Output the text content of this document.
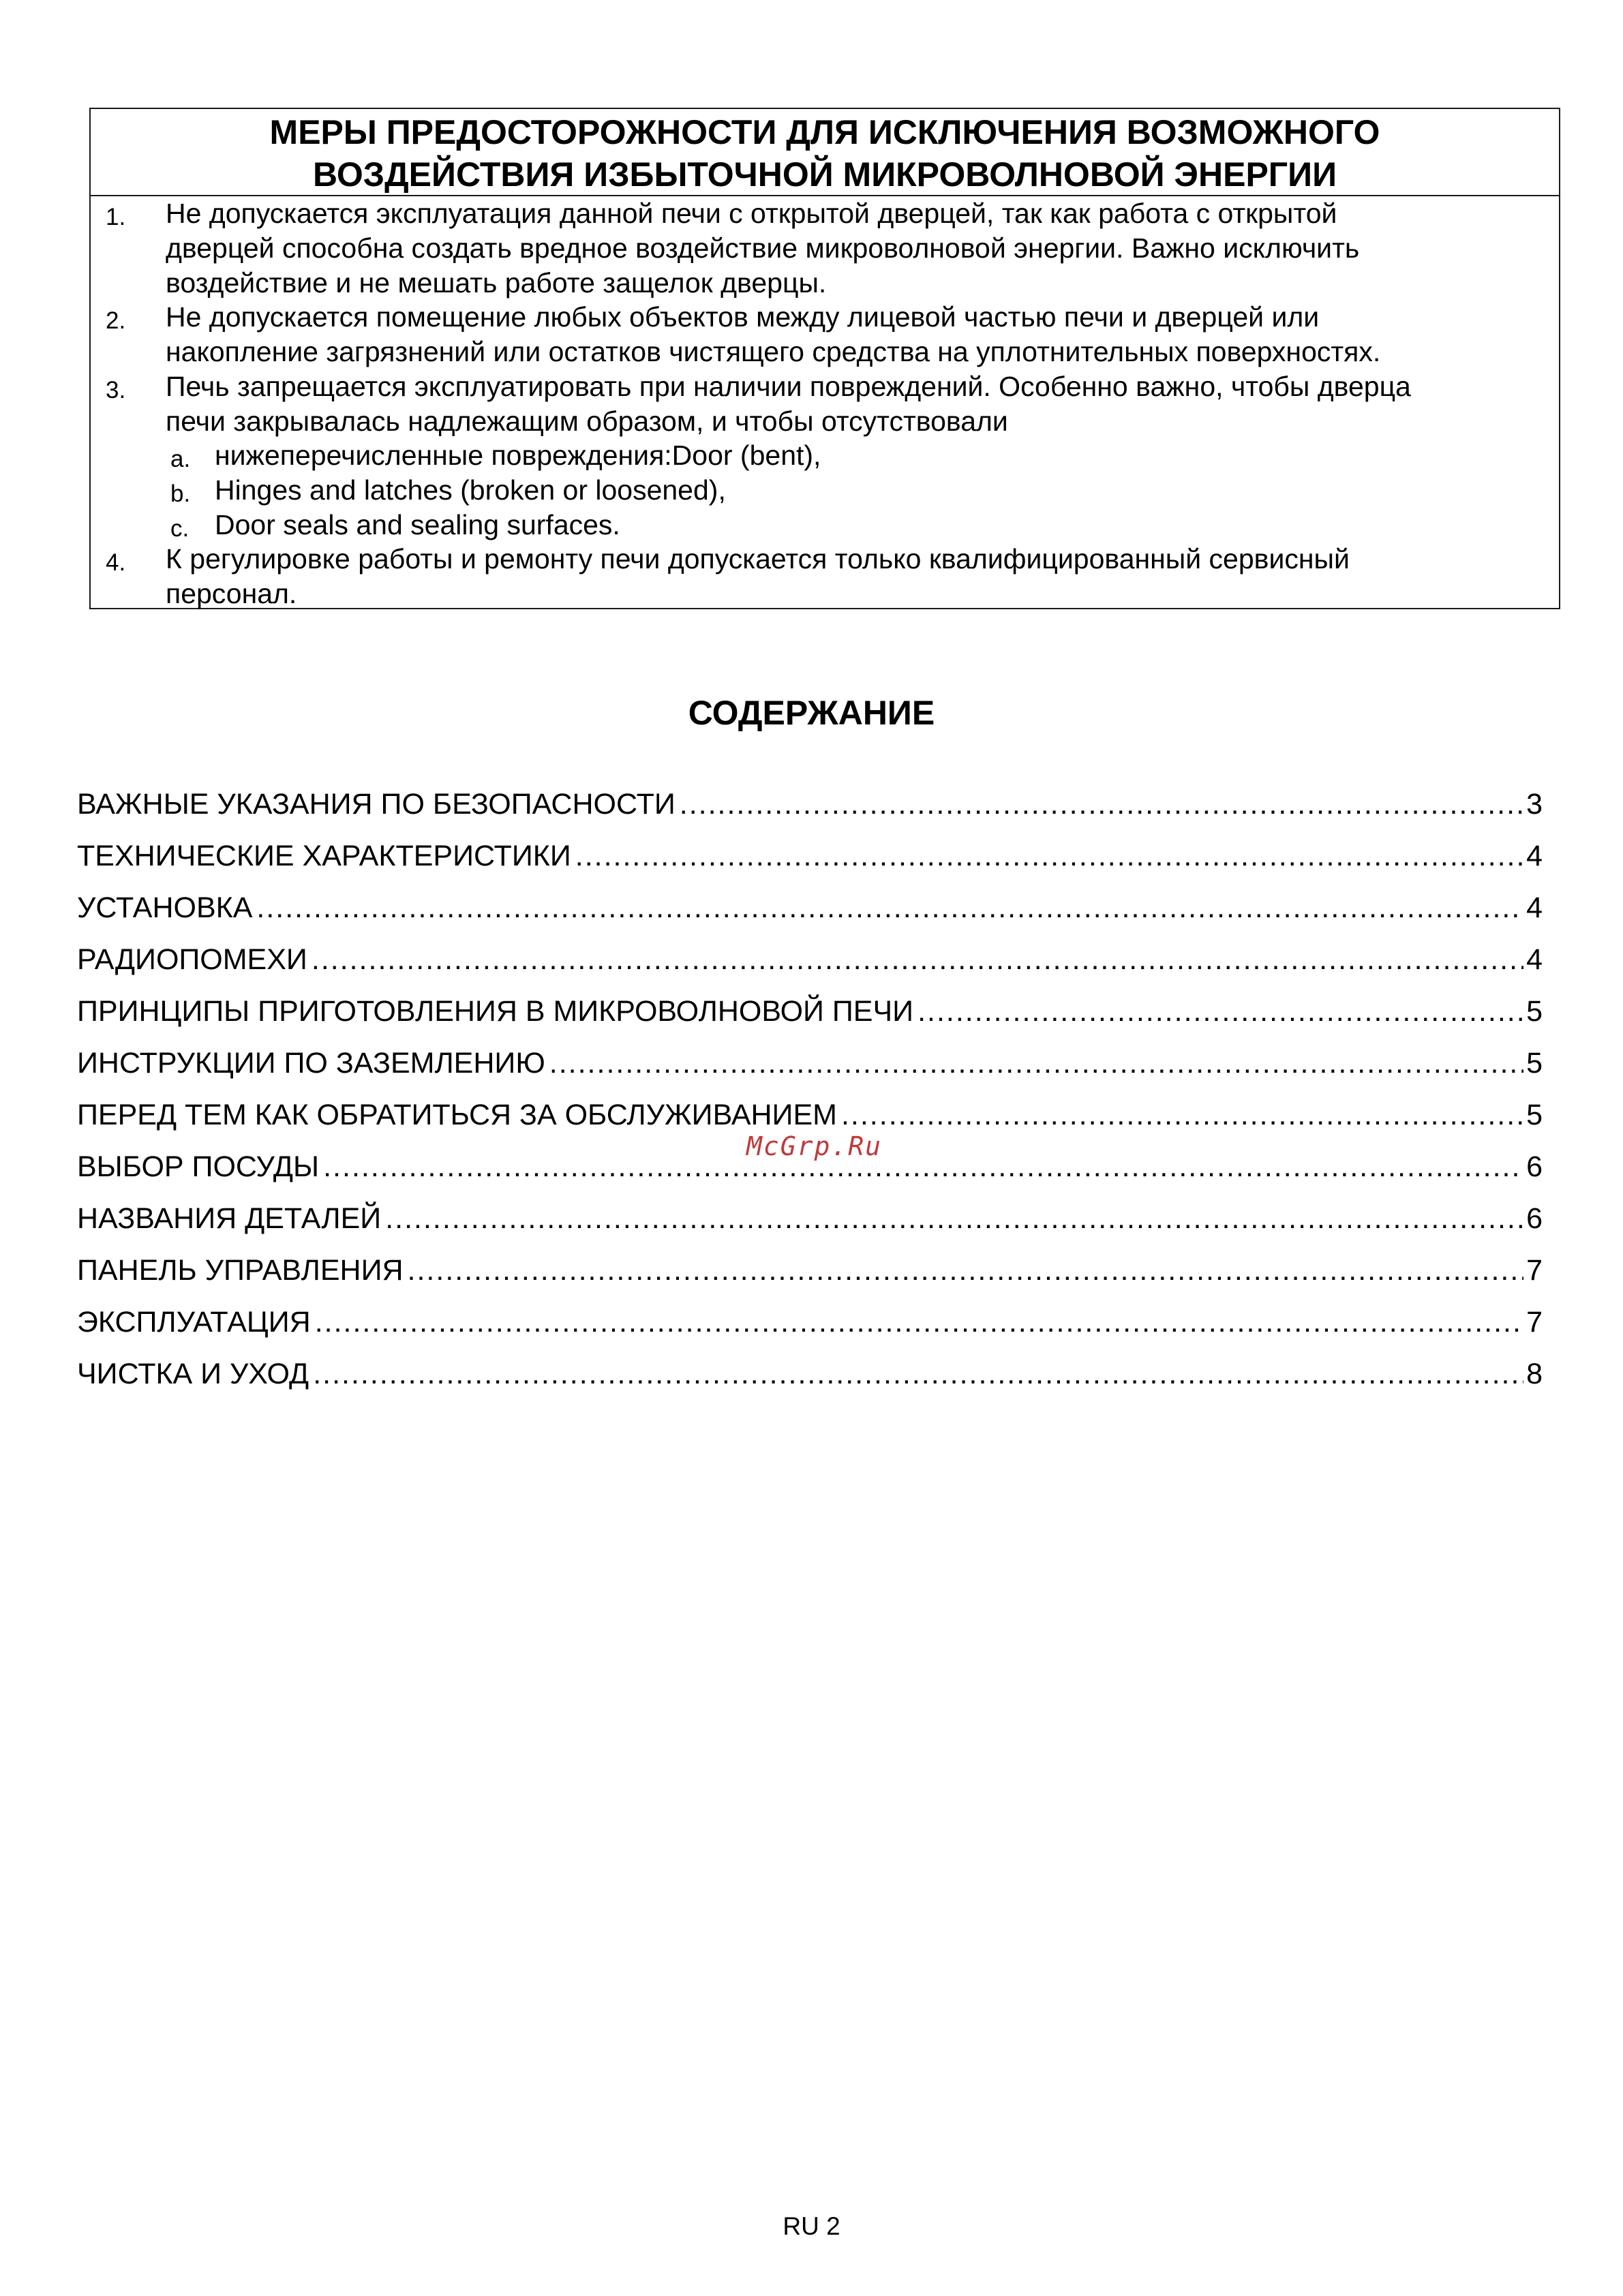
МЕРЫ ПРЕДОСТОРОЖНОСТИ ДЛЯ ИСКЛЮЧЕНИЯ ВОЗМОЖНОГО
ВОЗДЕЙСТВИЯ ИЗБЫТОЧНОЙ МИКРОВОЛНОВОЙ ЭНЕРГИИ
1. Не допускается эксплуатация данной печи с открытой дверцей, так как работа с открытой
дверцей способна создать вредное воздействие микроволновой энергии. Важно исключить
воздействие и не мешать работе защелок дверцы.
2. Не допускается помещение любых объектов между лицевой частью печи и дверцей или
накопление загрязнений или остатков чистящего средства на уплотнительных поверхностях.
3. Печь запрещается эксплуатировать при наличии повреждений. Особенно важно, чтобы дверца
печи закрывалась надлежащим образом, и чтобы отсутствовали
a. нижеперечисленные повреждения:Door (bent),
b. Hinges and latches (broken or loosened),
c. Door seals and sealing surfaces.
4. К регулировке работы и ремонту печи допускается только квалифицированный сервисный
персонал.
СОДЕРЖАНИЕ
ВАЖНЫЕ УКАЗАНИЯ ПО БЕЗОПАСНОСТИ .....	3
ТЕХНИЧЕСКИЕ ХАРАКТЕРИСТИКИ .....	4
УСТАНОВКА .....	4
РАДИОПОМЕХИ .....	4
ПРИНЦИПЫ ПРИГОТОВЛЕНИЯ В МИКРОВОЛНОВОЙ ПЕЧИ .....	5
ИНСТРУКЦИИ ПО ЗАЗЕМЛЕНИЮ .....	5
ПЕРЕД ТЕМ КАК ОБРАТИТЬСЯ ЗА ОБСЛУЖИВАНИЕМ .....	5
ВЫБОР ПОСУДЫ .....	6
НАЗВАНИЯ ДЕТАЛЕЙ .....	6
ПАНЕЛЬ УПРАВЛЕНИЯ .....	7
ЭКСПЛУАТАЦИЯ .....	7
ЧИСТКА И УХОД .....	8
McGrp.Ru
RU 2
